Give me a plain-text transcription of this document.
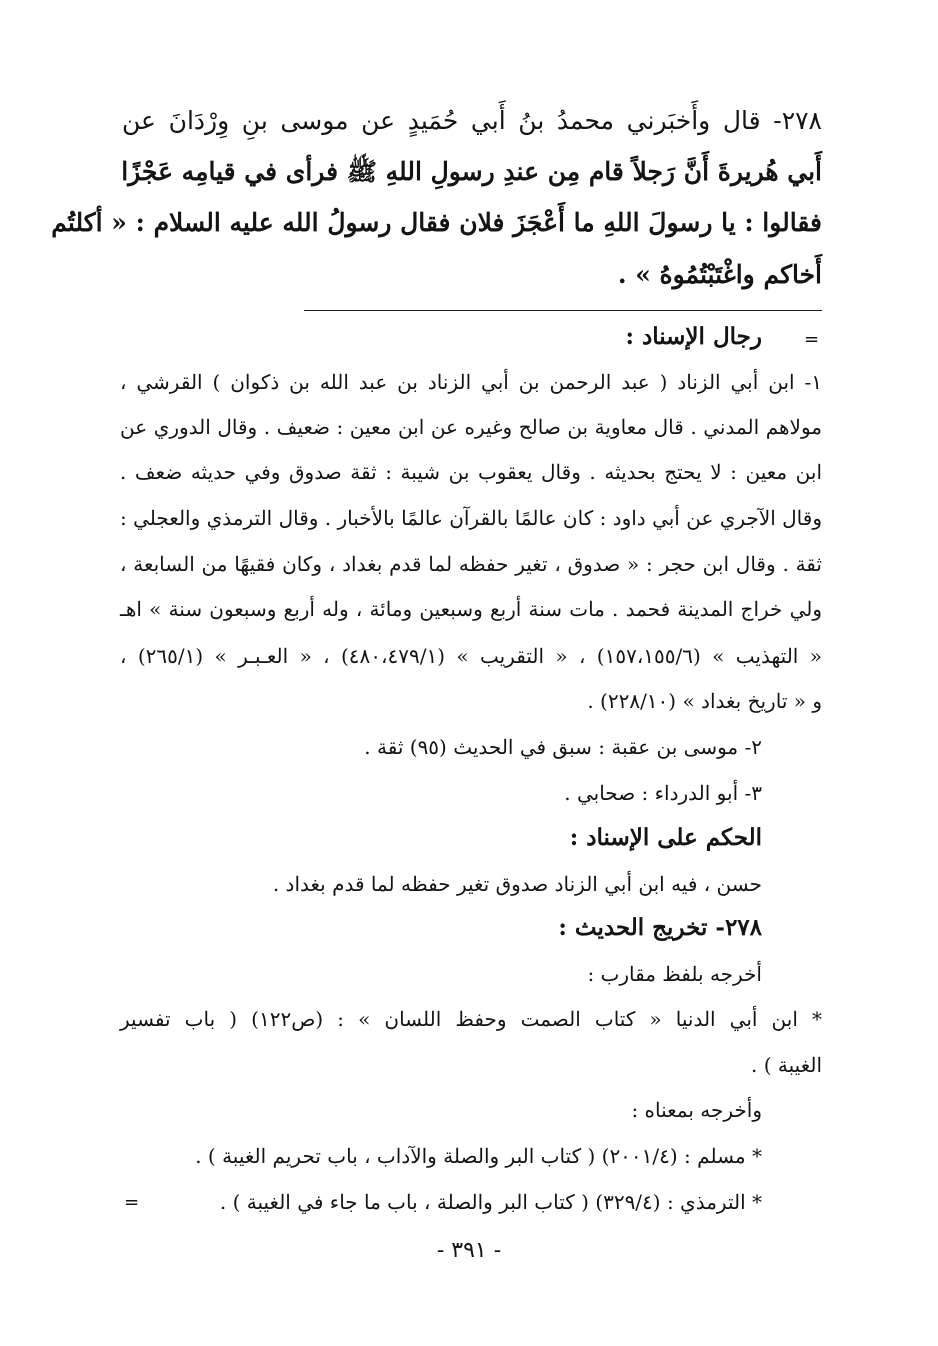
٢٧٨- قال وأَخبَرني محمدُ بنُ أَبي حُمَيدٍ عن موسى بنِ وِرْدَانَ عن
أَبي هُريرةَ أَنَّ رَجلاً قام مِن عندِ رسولِ اللهِ ﷺ فرأى في قيامِه عَجْزًا
فقالوا : يا رسولَ اللهِ ما أَعْجَزَ فلان فقال رسولُ الله عليه السلام : « أكلتُم
أَخاكم واغْتَبْتُمُوهُ » .
=
رجال الإسناد :
١- ابن أبي الزناد ( عبد الرحمن بن أبي الزناد بن عبد الله بن ذكوان ) القرشي ،
مولاهم المدني . قال معاوية بن صالح وغيره عن ابن معين : ضعيف . وقال الدوري عن
ابن معين : لا يحتج بحديثه . وقال يعقوب بن شيبة : ثقة صدوق وفي حديثه ضعف .
وقال الآجري عن أبي داود : كان عالمًا بالقرآن عالمًا بالأخبار . وقال الترمذي والعجلي :
ثقة . وقال ابن حجر : « صدوق ، تغير حفظه لما قدم بغداد ، وكان فقيهًا من السابعة ،
ولي خراج المدينة فحمد . مات سنة أربع وسبعين ومائة ، وله أربع وسبعون سنة » اهـ
« التهذيب » (١٥٧،١٥٥/٦) ، « التقريب » (٤٨٠،٤٧٩/١) ، « العـبـر » (٢٦٥/١) ،
و « تاريخ بغداد » (٢٢٨/١٠) .
٢- موسى بن عقبة : سبق في الحديث (٩٥) ثقة .
٣- أبو الدرداء : صحابي .
الحكم على الإسناد :
حسن ، فيه ابن أبي الزناد صدوق تغير حفظه لما قدم بغداد .
٢٧٨- تخريج الحديث :
أخرجه بلفظ مقارب :
* ابن أبي الدنيا « كتاب الصمت وحفظ اللسان » : (ص١٢٢) ( باب تفسير
الغيبة ) .
وأخرجه بمعناه :
* مسلم : (٢٠٠١/٤) ( كتاب البر والصلة والآداب ، باب تحريم الغيبة ) .
* الترمذي : (٣٢٩/٤) ( كتاب البر والصلة ، باب ما جاء في الغيبة ) .
=
- ٣٩١ -
